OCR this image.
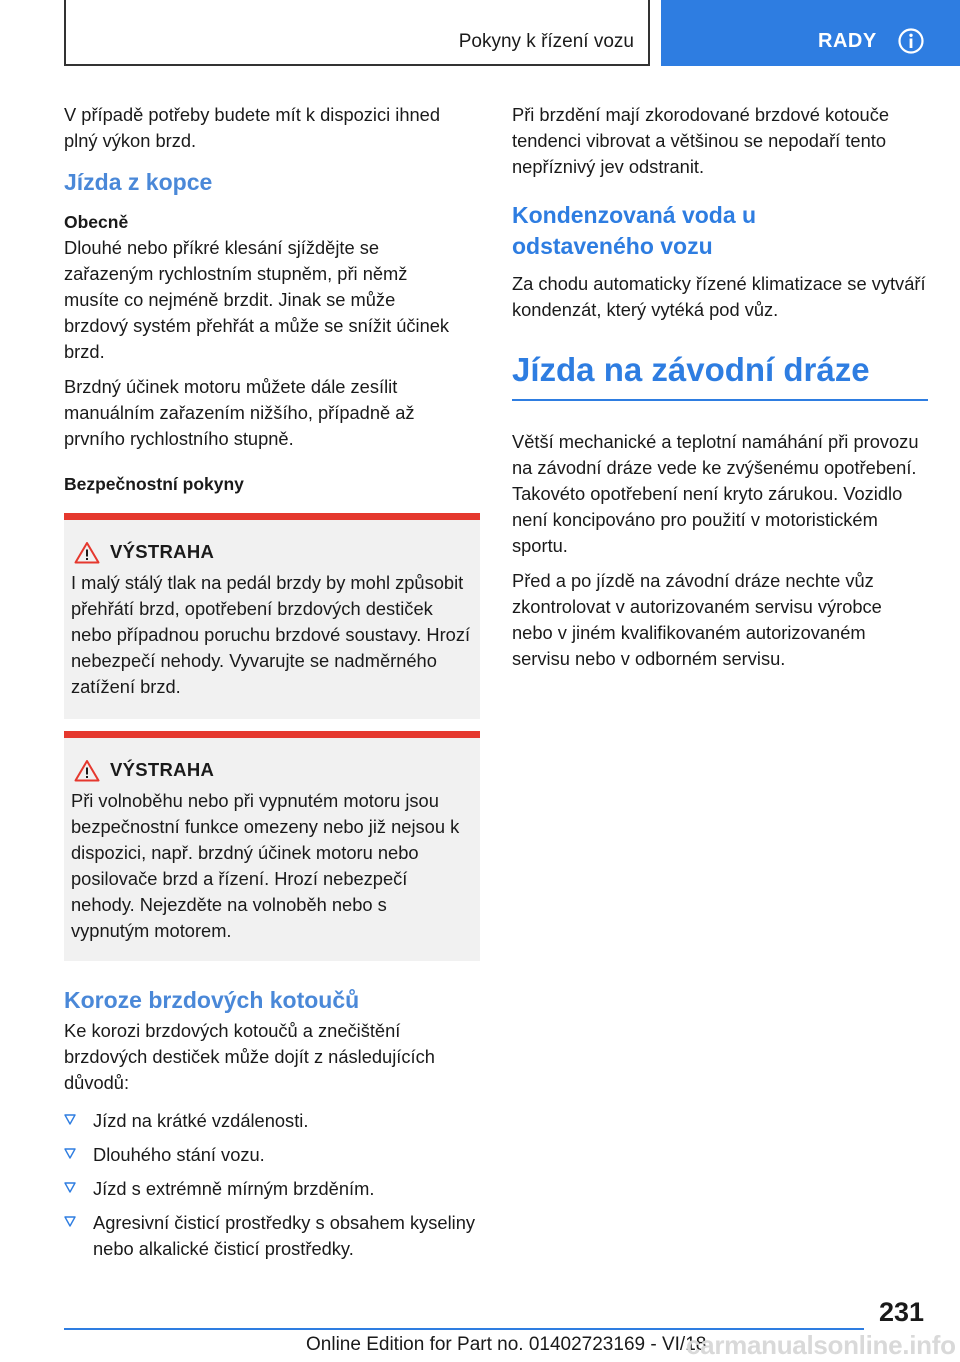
Pokyny k řízení vozu	RADY

V případě potřeby budete mít k dispozici ihned plný výkon brzd.

Jízda z kopce
Obecně

Dlouhé nebo příkré klesání sjíždějte se zařazeným rychlostním stupněm, při němž musíte co nejméně brzdit. Jinak se může brzdový systém přehřát a může se snížit účinek brzd.

Brzdný účinek motoru můžete dále zesílit manuálním zařazením nižšího, případně až prvního rychlostního stupně.

Bezpečnostní pokyny
VÝSTRAHA
I malý stálý tlak na pedál brzdy by mohl způsobit přehřátí brzd, opotřebení brzdových destiček nebo případnou poruchu brzdové soustavy. Hrozí nebezpečí nehody. Vyvarujte se nadměrného zatížení brzd.
VÝSTRAHA
Při volnoběhu nebo při vypnutém motoru jsou bezpečnostní funkce omezeny nebo již nejsou k dispozici, např. brzdný účinek motoru nebo posilovače brzd a řízení. Hrozí nebezpečí nehody. Nejezděte na volnoběh nebo s vypnutým motorem.
Koroze brzdových kotoučů

Ke korozi brzdových kotoučů a znečištění brzdových destiček může dojít z následujících důvodů:

Jízd na krátké vzdálenosti.
Dlouhého stání vozu.
Jízd s extrémně mírným brzděním.
Agresivní čisticí prostředky s obsahem kyseliny nebo alkalické čisticí prostředky.

Při brzdění mají zkorodované brzdové kotouče tendenci vibrovat a většinou se nepodaří tento nepříznivý jev odstranit.

Kondenzovaná voda u odstaveného vozu

Za chodu automaticky řízené klimatizace se vytváří kondenzát, který vytéká pod vůz.

Jízda na závodní dráze

Větší mechanické a teplotní namáhání při provozu na závodní dráze vede ke zvýšenému opotřebení. Takovéto opotřebení není kryto zárukou. Vozidlo není koncipováno pro použití v motoristickém sportu.

Před a po jízdě na závodní dráze nechte vůz zkontrolovat v autorizovaném servisu výrobce nebo v jiném kvalifikovaném autorizovaném servisu nebo v odborném servisu.

231
Online Edition for Part no. 01402723169 - VI/18
carmanualsonline.info
